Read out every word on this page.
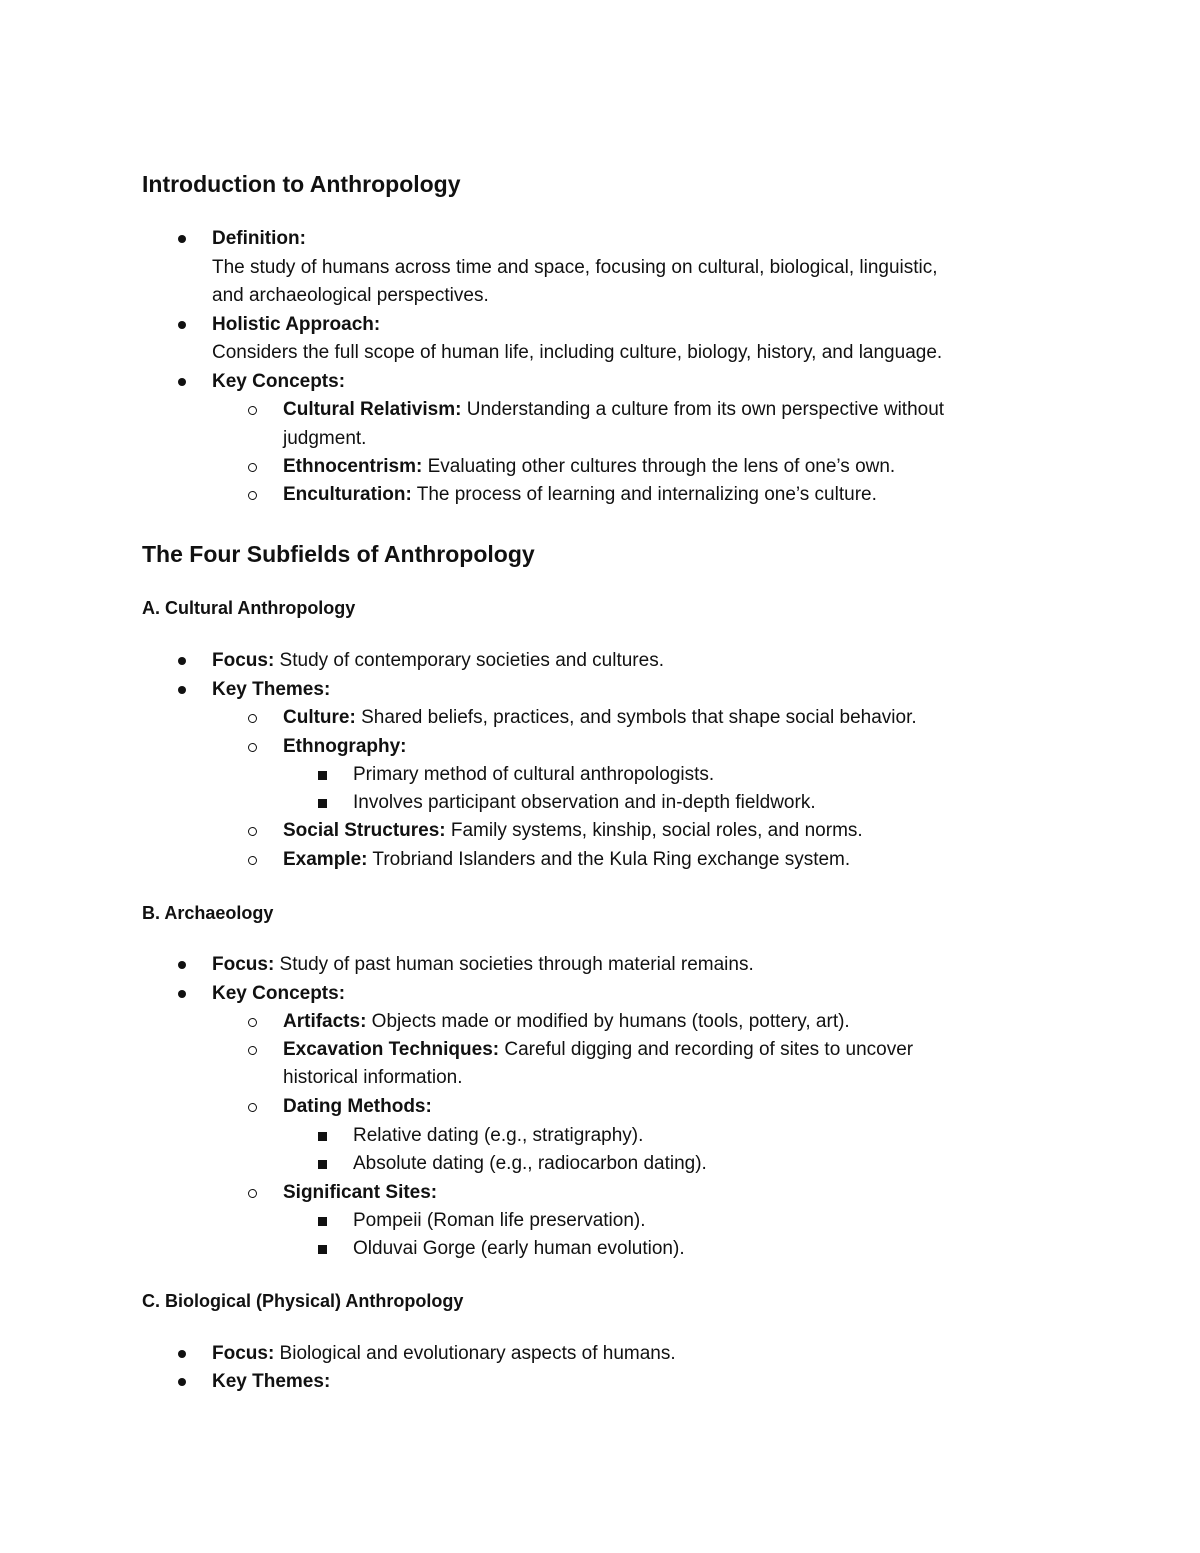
Introduction to Anthropology
Definition:
The study of humans across time and space, focusing on cultural, biological, linguistic,
and archaeological perspectives.
Holistic Approach:
Considers the full scope of human life, including culture, biology, history, and language.
Key Concepts:
Cultural Relativism: Understanding a culture from its own perspective without
judgment.
Ethnocentrism: Evaluating other cultures through the lens of one’s own.
Enculturation: The process of learning and internalizing one’s culture.
The Four Subfields of Anthropology
A. Cultural Anthropology
Focus: Study of contemporary societies and cultures.
Key Themes:
Culture: Shared beliefs, practices, and symbols that shape social behavior.
Ethnography:
Primary method of cultural anthropologists.
Involves participant observation and in-depth fieldwork.
Social Structures: Family systems, kinship, social roles, and norms.
Example: Trobriand Islanders and the Kula Ring exchange system.
B. Archaeology
Focus: Study of past human societies through material remains.
Key Concepts:
Artifacts: Objects made or modified by humans (tools, pottery, art).
Excavation Techniques: Careful digging and recording of sites to uncover
historical information.
Dating Methods:
Relative dating (e.g., stratigraphy).
Absolute dating (e.g., radiocarbon dating).
Significant Sites:
Pompeii (Roman life preservation).
Olduvai Gorge (early human evolution).
C. Biological (Physical) Anthropology
Focus: Biological and evolutionary aspects of humans.
Key Themes:
